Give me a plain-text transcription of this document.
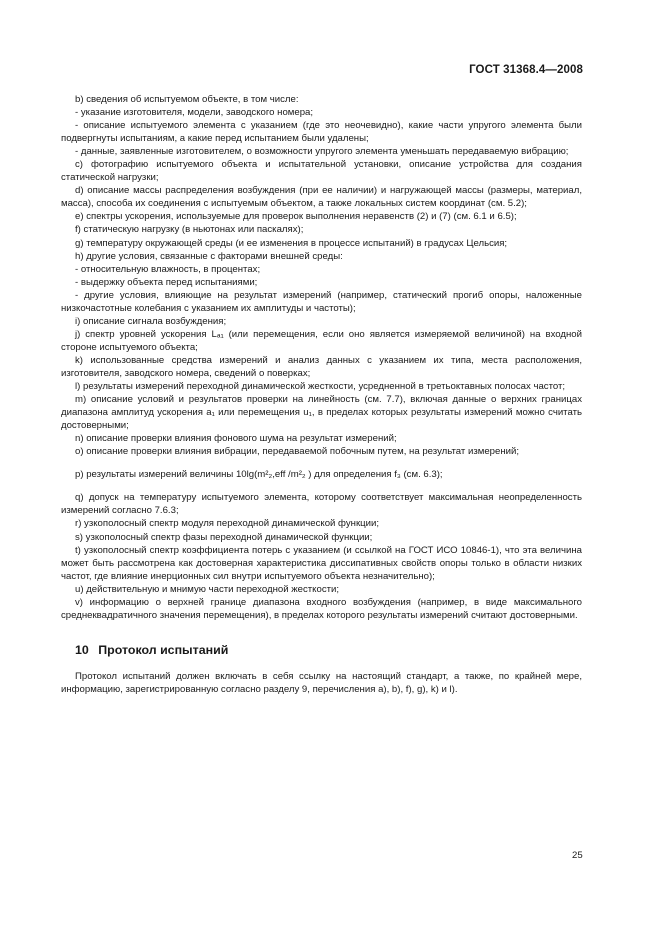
ГОСТ 31368.4—2008

b) сведения об испытуемом объекте, в том числе:

- указание изготовителя, модели, заводского номера;

- описание испытуемого элемента с указанием (где это неочевидно), какие части упругого элемента были подвергнуты испытаниям, а какие перед испытанием были удалены;

- данные, заявленные изготовителем, о возможности упругого элемента уменьшать передаваемую вибрацию;

c) фотографию испытуемого объекта и испытательной установки, описание устройства для создания статической нагрузки;

d) описание массы распределения возбуждения (при ее наличии) и нагружающей массы (размеры, материал, масса), способа их соединения с испытуемым объектом, а также локальных систем координат (см. 5.2);

e) спектры ускорения, используемые для проверок выполнения неравенств (2) и (7) (см. 6.1 и 6.5);

f) статическую нагрузку (в ньютонах или паскалях);

g) температуру окружающей среды (и ее изменения в процессе испытаний) в градусах Цельсия;

h) другие условия, связанные с факторами внешней среды:

- относительную влажность, в процентах;

- выдержку объекта перед испытаниями;

- другие условия, влияющие на результат измерений (например, статический прогиб опоры, наложенные низкочастотные колебания с указанием их амплитуды и частоты);

i) описание сигнала возбуждения;

j) спектр уровней ускорения Lₐ₁ (или перемещения, если оно является измеряемой величиной) на входной стороне испытуемого объекта;

k) использованные средства измерений и анализ данных с указанием их типа, места расположения, изготовителя, заводского номера, сведений о поверках;

l) результаты измерений переходной динамической жесткости, усредненной в третьоктавных полосах частот;

m) описание условий и результатов проверки на линейность (см. 7.7), включая данные о верхних границах диапазона амплитуд ускорения a₁ или перемещения u₁, в пределах которых результаты измерений можно считать достоверными;

n) описание проверки влияния фонового шума на результат измерений;

o) описание проверки влияния вибрации, передаваемой побочным путем, на результат измерений;

p) результаты измерений величины 10lg(m²₂,eff /m²₂ ) для определения f₃ (см. 6.3);

q) допуск на температуру испытуемого элемента, которому соответствует максимальная неопределенность измерений согласно 7.6.3;

r) узкополосный спектр модуля переходной динамической функции;

s) узкополосный спектр фазы переходной динамической функции;

t) узкополосный спектр коэффициента потерь с указанием (и ссылкой на ГОСТ ИСО 10846-1), что эта величина может быть рассмотрена как достоверная характеристика диссипативных свойств опоры только в области низких частот, где влияние инерционных сил внутри испытуемого объекта незначительно);

u) действительную и мнимую части переходной жесткости;

v) информацию о верхней границе диапазона входного возбуждения (например, в виде максимального среднеквадратичного значения перемещения), в пределах которого результаты измерений считают достоверными.

10 Протокол испытаний

Протокол испытаний должен включать в себя ссылку на настоящий стандарт, а также, по крайней мере, информацию, зарегистрированную согласно разделу 9, перечисления a), b), f), g), k) и l).

25
